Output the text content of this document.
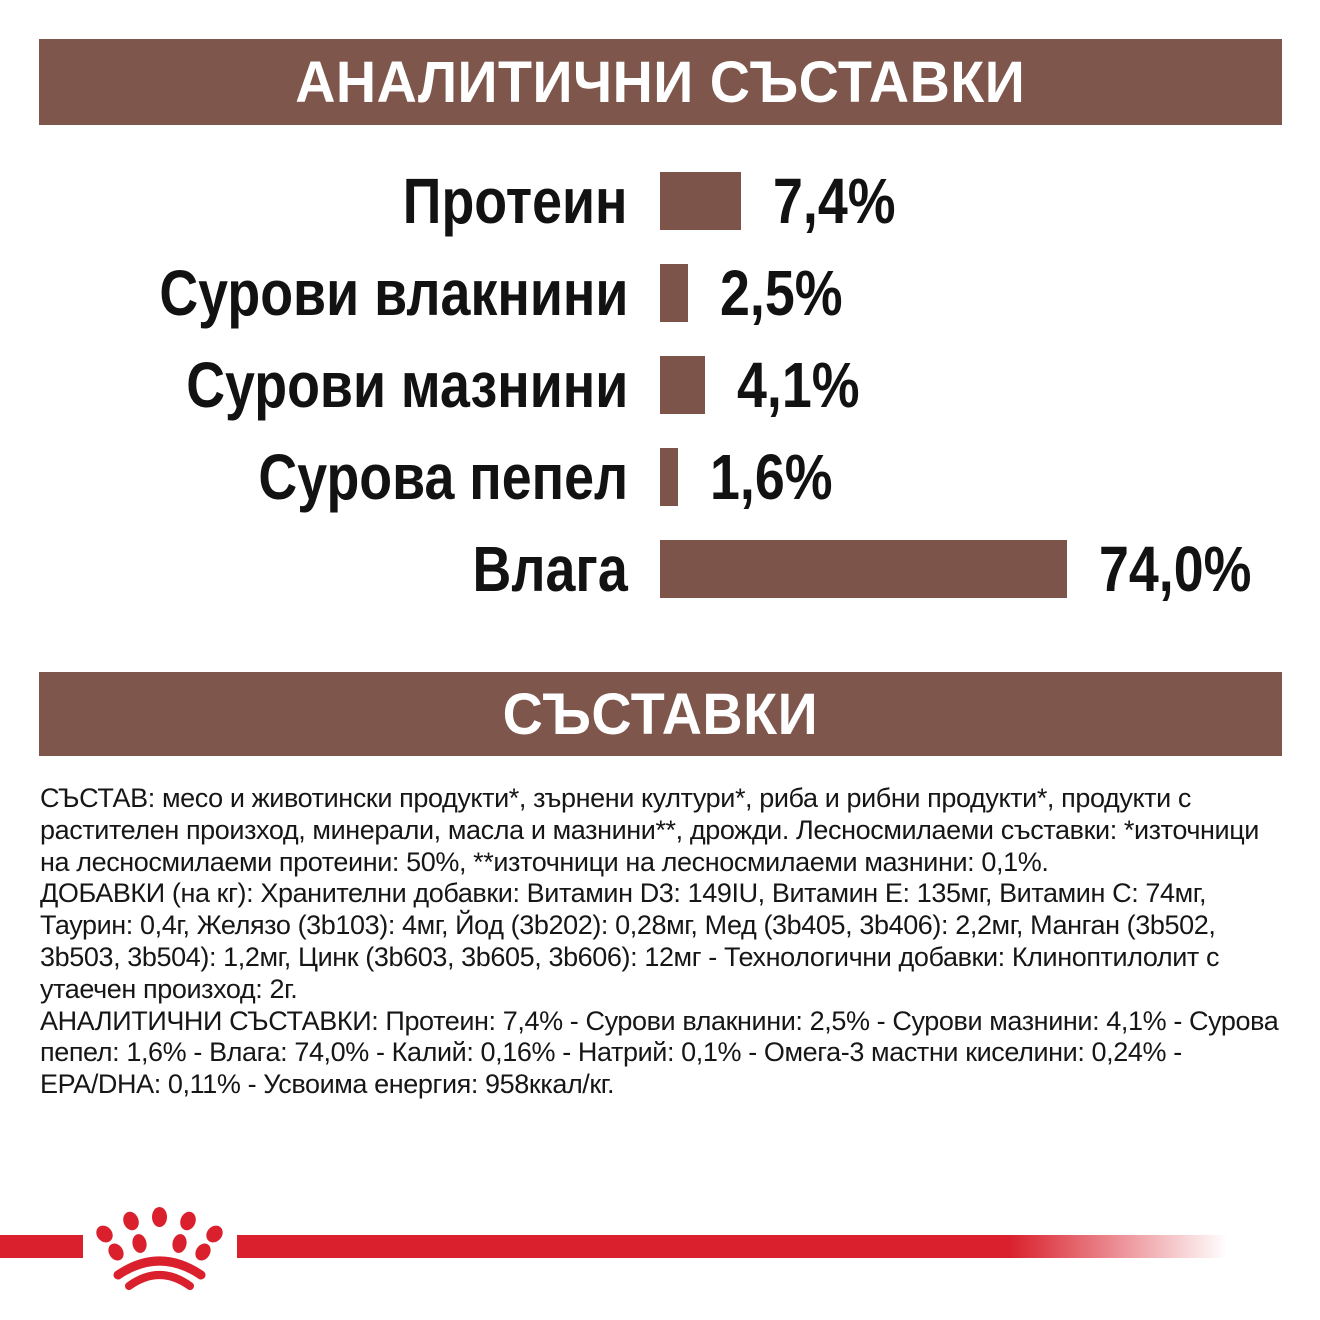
АНАЛИТИЧНИ СЪСТАВКИ
Протеин 7,4%
Сурови влакнини 2,5%
Сурови мазнини 4,1%
Сурова пепел 1,6%
Влага	74,0%
СЪСТАВКИ

СЪСТАВ: месо и животински продукти*, зърнени култури*, риба и рибни продукти*, продукти с растителен произход, минерали, масла и мазнини**, дрожди. Лесносмилаеми съставки: *източници на лесносмилаеми протеини: 50%, **източници на лесносмилаеми мазнини: 0,1%.

ДОБАВКИ (на кг): Хранителни добавки: Витамин D3: 149IU, Витамин E: 135мг, Витамин C: 74мг, Таурин: 0,4г, Желязо (3b103): 4мг, Йод (3b202): 0,28мг, Мед (3b405, 3b406): 2,2мг, Манган (3b502, 3b503, 3b504): 1,2мг, Цинк (3b603, 3b605, 3b606): 12мг - Технологични добавки: Клиноптилолит с утаечен произход: 2г.

АНАЛИТИЧНИ СЪСТАВКИ: Протеин: 7,4% - Сурови влакнини: 2,5% - Сурови мазнини: 4,1% - Сурова пепел: 1,6% - Влага: 74,0% - Калий: 0,16% - Натрий: 0,1% - Омега-3 мастни киселини: 0,24% - EPA/DHA: 0,11% - Усвоима енергия: 958ккал/кг.
